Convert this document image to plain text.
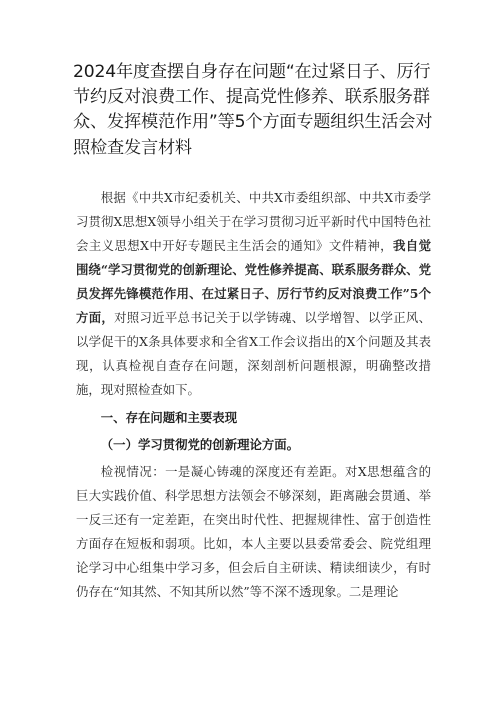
2024年度查摆自身存在问题“在过紧日子、厉行节约反对浪费工作、提高党性修养、联系服务群众、发挥模范作用”等5个方面专题组织生活会对照检查发言材料

根据《中共X市纪委机关、中共X市委组织部、中共X市委学习贯彻X思想X领导小组关于在学习贯彻习近平新时代中国特色社会主义思想X中开好专题民主生活会的通知》文件精神，我自觉围绕“学习贯彻党的创新理论、党性修养提高、联系服务群众、党员发挥先锋模范作用、在过紧日子、厉行节约反对浪费工作”5个方面，对照习近平总书记关于以学铸魂、以学增智、以学正风、以学促干的X条具体要求和全省X工作会议指出的X个问题及其表现，认真检视自查存在问题，深刻剖析问题根源，明确整改措施，现对照检查如下。

一、存在问题和主要表现

（一）学习贯彻党的创新理论方面。

检视情况：一是凝心铸魂的深度还有差距。对X思想蕴含的巨大实践价值、科学思想方法领会不够深刻，距离融会贯通、举一反三还有一定差距，在突出时代性、把握规律性、富于创造性方面存在短板和弱项。比如，本人主要以县委常委会、院党组理论学习中心组集中学习多，但会后自主研读、精读细读少，有时仍存在“知其然、不知其所以然”等不深不透现象。二是理论
